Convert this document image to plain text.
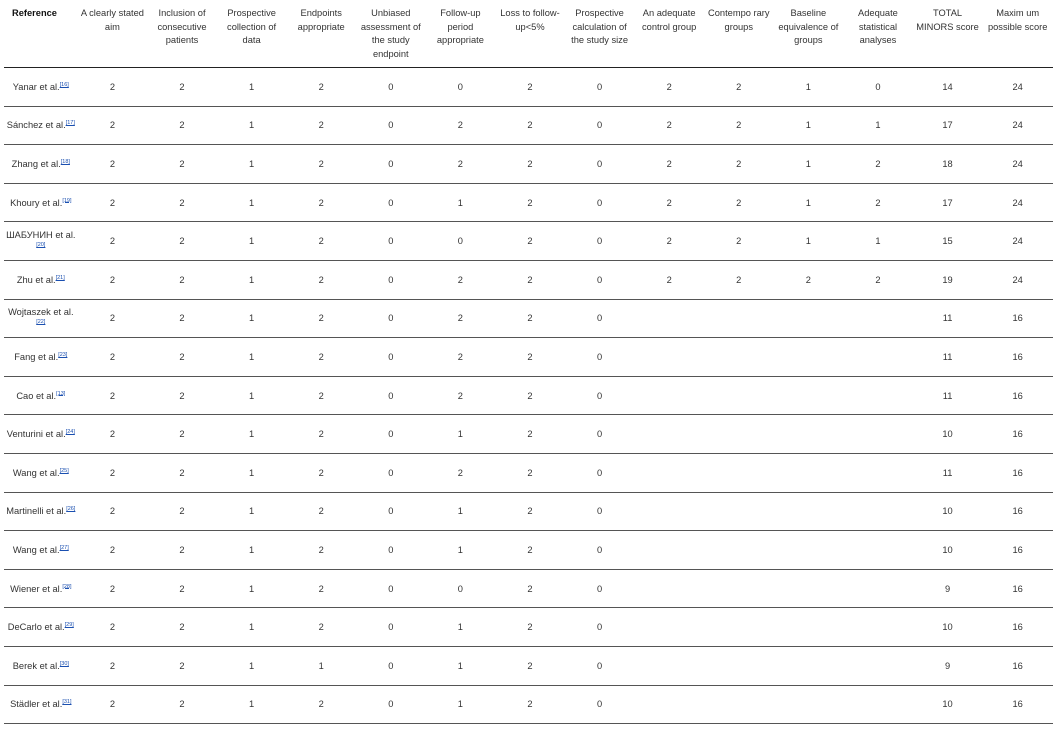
Reference	A clearly stated aim	Inclusion of consecutive patients	Prospective collection of data	Endpoints appropriate	Unbiased assessment of the study endpoint	Follow-up period appropriate	Loss to follow-up<5%	Prospective calculation of the study size	An adequate control group	Contempo rary groups	Baseline equivalence of groups	Adequate statistical analyses	TOTAL MINORS score	Maxim um possible score
Yanar et al.[16]	2	2	1	2	0	0	2	0	2	2	1	0	14	24
Sánchez et al.[17]	2	2	1	2	0	2	2	0	2	2	1	1	17	24
Zhang et al.[18]	2	2	1	2	0	2	2	0	2	2	1	2	18	24
Khoury et al.[19]	2	2	1	2	0	1	2	0	2	2	1	2	17	24
ШАБУНИН et al.[20]	2	2	1	2	0	0	2	0	2	2	1	1	15	24
Zhu et al.[21]	2	2	1	2	0	2	2	0	2	2	2	2	19	24
Wojtaszek et al.[22]	2	2	1	2	0	2	2	0					11	16
Fang et al.[23]	2	2	1	2	0	2	2	0					11	16
Cao et al.[13]	2	2	1	2	0	2	2	0					11	16
Venturini et al.[24]	2	2	1	2	0	1	2	0					10	16
Wang et al.[25]	2	2	1	2	0	2	2	0					11	16
Martinelli et al.[26]	2	2	1	2	0	1	2	0					10	16
Wang et al.[27]	2	2	1	2	0	1	2	0					10	16
Wiener et al.[28]	2	2	1	2	0	0	2	0					9	16
DeCarlo et al.[29]	2	2	1	2	0	1	2	0					10	16
Berek et al.[30]	2	2	1	1	0	1	2	0					9	16
Städler et al.[31]	2	2	1	2	0	1	2	0					10	16
